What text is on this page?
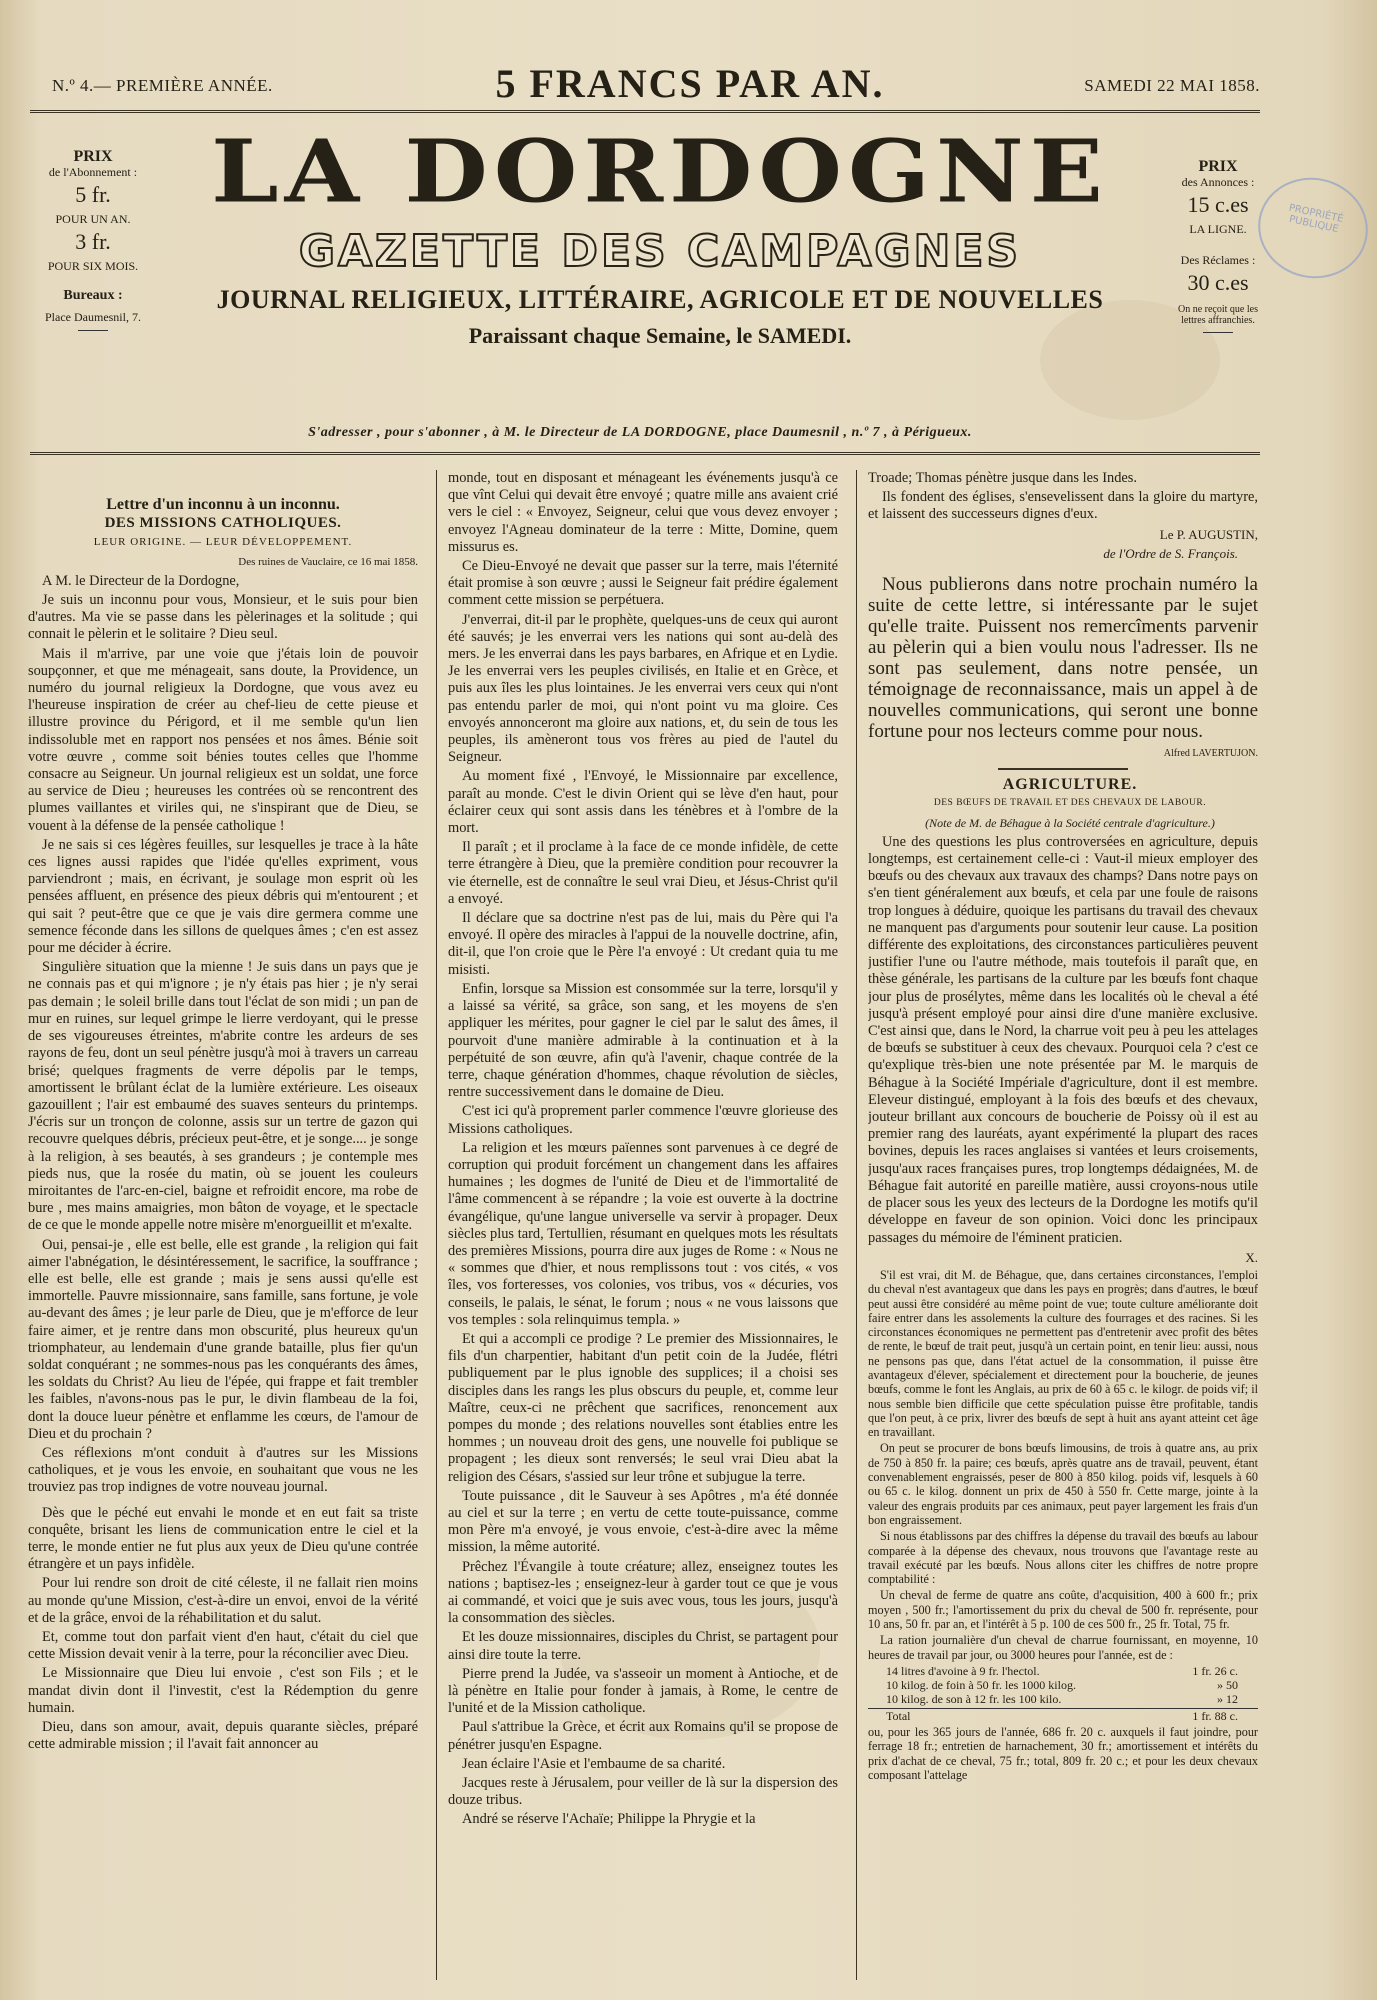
N.º 4.— PREMIÈRE ANNÉE.	5 FRANCS PAR AN.	SAMEDI 22 MAI 1858.
PRIX
de l'Abonnement :
5 fr.
POUR UN AN.
3 fr.
POUR SIX MOIS.
Bureaux :
Place Daumesnil, 7.
LA DORDOGNE
GAZETTE DES CAMPAGNES
JOURNAL RELIGIEUX, LITTÉRAIRE, AGRICOLE ET DE NOUVELLES
Paraissant chaque Semaine, le SAMEDI.
PRIX
des Annonces :
15 c.es
LA LIGNE.
Des Réclames :
30 c.es
On ne reçoit que les lettres affranchies.
PROPRIÉTÉ PUBLIQUE
S'adresser , pour s'abonner , à M. le Directeur de LA DORDOGNE, place Daumesnil , n.º 7 , à Périgueux.

Lettre d'un inconnu à un inconnu.

DES MISSIONS CATHOLIQUES.

LEUR ORIGINE. — LEUR DÉVELOPPEMENT.

Des ruines de Vauclaire, ce 16 mai 1858.

A M. le Directeur de la Dordogne,

Je suis un inconnu pour vous, Monsieur, et le suis pour bien d'autres. Ma vie se passe dans les pèlerinages et la solitude ; qui connait le pèlerin et le solitaire ? Dieu seul.

Mais il m'arrive, par une voie que j'étais loin de pouvoir soupçonner, et que me ménageait, sans doute, la Providence, un numéro du journal religieux la Dordogne, que vous avez eu l'heureuse inspiration de créer au chef-lieu de cette pieuse et illustre province du Périgord, et il me semble qu'un lien indissoluble met en rapport nos pensées et nos âmes. Bénie soit votre œuvre , comme soit bénies toutes celles que l'homme consacre au Seigneur. Un journal religieux est un soldat, une force au service de Dieu ; heureuses les contrées où se rencontrent des plumes vaillantes et viriles qui, ne s'inspirant que de Dieu, se vouent à la défense de la pensée catholique !

Je ne sais si ces légères feuilles, sur lesquelles je trace à la hâte ces lignes aussi rapides que l'idée qu'elles expriment, vous parviendront ; mais, en écrivant, je soulage mon esprit où les pensées affluent, en présence des pieux débris qui m'entourent ; et qui sait ? peut-être que ce que je vais dire germera comme une semence féconde dans les sillons de quelques âmes ; c'en est assez pour me décider à écrire.

Singulière situation que la mienne ! Je suis dans un pays que je ne connais pas et qui m'ignore ; je n'y étais pas hier ; je n'y serai pas demain ; le soleil brille dans tout l'éclat de son midi ; un pan de mur en ruines, sur lequel grimpe le lierre verdoyant, qui le presse de ses vigoureuses étreintes, m'abrite contre les ardeurs de ses rayons de feu, dont un seul pénètre jusqu'à moi à travers un carreau brisé; quelques fragments de verre dépolis par le temps, amortissent le brûlant éclat de la lumière extérieure. Les oiseaux gazouillent ; l'air est embaumé des suaves senteurs du printemps. J'écris sur un tronçon de colonne, assis sur un tertre de gazon qui recouvre quelques débris, précieux peut-être, et je songe.... je songe à la religion, à ses beautés, à ses grandeurs ; je contemple mes pieds nus, que la rosée du matin, où se jouent les couleurs miroitantes de l'arc-en-ciel, baigne et refroidit encore, ma robe de bure , mes mains amaigries, mon bâton de voyage, et le spectacle de ce que le monde appelle notre misère m'enorgueillit et m'exalte.

Oui, pensai-je , elle est belle, elle est grande , la religion qui fait aimer l'abnégation, le désintéressement, le sacrifice, la souffrance ; elle est belle, elle est grande ; mais je sens aussi qu'elle est immortelle. Pauvre missionnaire, sans famille, sans fortune, je vole au-devant des âmes ; je leur parle de Dieu, que je m'efforce de leur faire aimer, et je rentre dans mon obscurité, plus heureux qu'un triomphateur, au lendemain d'une grande bataille, plus fier qu'un soldat conquérant ; ne sommes-nous pas les conquérants des âmes, les soldats du Christ? Au lieu de l'épée, qui frappe et fait trembler les faibles, n'avons-nous pas le pur, le divin flambeau de la foi, dont la douce lueur pénètre et enflamme les cœurs, de l'amour de Dieu et du prochain ?

Ces réflexions m'ont conduit à d'autres sur les Missions catholiques, et je vous les envoie, en souhaitant que vous ne les trouviez pas trop indignes de votre nouveau journal.

Dès que le péché eut envahi le monde et en eut fait sa triste conquête, brisant les liens de communication entre le ciel et la terre, le monde entier ne fut plus aux yeux de Dieu qu'une contrée étrangère et un pays infidèle.

Pour lui rendre son droit de cité céleste, il ne fallait rien moins au monde qu'une Mission, c'est-à-dire un envoi, envoi de la vérité et de la grâce, envoi de la réhabilitation et du salut.

Et, comme tout don parfait vient d'en haut, c'était du ciel que cette Mission devait venir à la terre, pour la réconcilier avec Dieu.

Le Missionnaire que Dieu lui envoie , c'est son Fils ; et le mandat divin dont il l'investit, c'est la Rédemption du genre humain.

Dieu, dans son amour, avait, depuis quarante siècles, préparé cette admirable mission ; il l'avait fait annoncer au

monde, tout en disposant et ménageant les événements jusqu'à ce que vînt Celui qui devait être envoyé ; quatre mille ans avaient crié vers le ciel : « Envoyez, Seigneur, celui que vous devez envoyer ; envoyez l'Agneau dominateur de la terre : Mitte, Domine, quem missurus es.

Ce Dieu-Envoyé ne devait que passer sur la terre, mais l'éternité était promise à son œuvre ; aussi le Seigneur fait prédire également comment cette mission se perpétuera.

J'enverrai, dit-il par le prophète, quelques-uns de ceux qui auront été sauvés; je les enverrai vers les nations qui sont au-delà des mers. Je les enverrai dans les pays barbares, en Afrique et en Lydie. Je les enverrai vers les peuples civilisés, en Italie et en Grèce, et puis aux îles les plus lointaines. Je les enverrai vers ceux qui n'ont pas entendu parler de moi, qui n'ont point vu ma gloire. Ces envoyés annonceront ma gloire aux nations, et, du sein de tous les peuples, ils amèneront tous vos frères au pied de l'autel du Seigneur.

Au moment fixé , l'Envoyé, le Missionnaire par excellence, paraît au monde. C'est le divin Orient qui se lève d'en haut, pour éclairer ceux qui sont assis dans les ténèbres et à l'ombre de la mort.

Il paraît ; et il proclame à la face de ce monde infidèle, de cette terre étrangère à Dieu, que la première condition pour recouvrer la vie éternelle, est de connaître le seul vrai Dieu, et Jésus-Christ qu'il a envoyé.

Il déclare que sa doctrine n'est pas de lui, mais du Père qui l'a envoyé. Il opère des miracles à l'appui de la nouvelle doctrine, afin, dit-il, que l'on croie que le Père l'a envoyé : Ut credant quia tu me misisti.

Enfin, lorsque sa Mission est consommée sur la terre, lorsqu'il y a laissé sa vérité, sa grâce, son sang, et les moyens de s'en appliquer les mérites, pour gagner le ciel par le salut des âmes, il pourvoit d'une manière admirable à la continuation et à la perpétuité de son œuvre, afin qu'à l'avenir, chaque contrée de la terre, chaque génération d'hommes, chaque révolution de siècles, rentre successivement dans le domaine de Dieu.

C'est ici qu'à proprement parler commence l'œuvre glorieuse des Missions catholiques.

La religion et les mœurs païennes sont parvenues à ce degré de corruption qui produit forcément un changement dans les affaires humaines ; les dogmes de l'unité de Dieu et de l'immortalité de l'âme commencent à se répandre ; la voie est ouverte à la doctrine évangélique, qu'une langue universelle va servir à propager. Deux siècles plus tard, Tertullien, résumant en quelques mots les résultats des premières Missions, pourra dire aux juges de Rome : « Nous ne « sommes que d'hier, et nous remplissons tout : vos cités, « vos îles, vos forteresses, vos colonies, vos tribus, vos « décuries, vos conseils, le palais, le sénat, le forum ; nous « ne vous laissons que vos temples : sola relinquimus templa. »

Et qui a accompli ce prodige ? Le premier des Missionnaires, le fils d'un charpentier, habitant d'un petit coin de la Judée, flétri publiquement par le plus ignoble des supplices; il a choisi ses disciples dans les rangs les plus obscurs du peuple, et, comme leur Maître, ceux-ci ne prêchent que sacrifices, renoncement aux pompes du monde ; des relations nouvelles sont établies entre les hommes ; un nouveau droit des gens, une nouvelle foi publique se propagent ; les dieux sont renversés; le seul vrai Dieu abat la religion des Césars, s'assied sur leur trône et subjugue la terre.

Toute puissance , dit le Sauveur à ses Apôtres , m'a été donnée au ciel et sur la terre ; en vertu de cette toute-puissance, comme mon Père m'a envoyé, je vous envoie, c'est-à-dire avec la même mission, la même autorité.

Prêchez l'Évangile à toute créature; allez, enseignez toutes les nations ; baptisez-les ; enseignez-leur à garder tout ce que je vous ai commandé, et voici que je suis avec vous, tous les jours, jusqu'à la consommation des siècles.

Et les douze missionnaires, disciples du Christ, se partagent pour ainsi dire toute la terre.

Pierre prend la Judée, va s'asseoir un moment à Antioche, et de là pénètre en Italie pour fonder à jamais, à Rome, le centre de l'unité et de la Mission catholique.

Paul s'attribue la Grèce, et écrit aux Romains qu'il se propose de pénétrer jusqu'en Espagne.

Jean éclaire l'Asie et l'embaume de sa charité.

Jacques reste à Jérusalem, pour veiller de là sur la dispersion des douze tribus.

André se réserve l'Achaïe; Philippe la Phrygie et la

Troade; Thomas pénètre jusque dans les Indes.

Ils fondent des églises, s'ensevelissent dans la gloire du martyre, et laissent des successeurs dignes d'eux.

Le P. AUGUSTIN,

de l'Ordre de S. François.

Nous publierons dans notre prochain numéro la suite de cette lettre, si intéressante par le sujet qu'elle traite. Puissent nos remercîments parvenir au pèlerin qui a bien voulu nous l'adresser. Ils ne sont pas seulement, dans notre pensée, un témoignage de reconnaissance, mais un appel à de nouvelles communications, qui seront une bonne fortune pour nos lecteurs comme pour nous.

Alfred LAVERTUJON.

AGRICULTURE.

DES BŒUFS DE TRAVAIL ET DES CHEVAUX DE LABOUR.

(Note de M. de Béhague à la Société centrale d'agriculture.)

Une des questions les plus controversées en agriculture, depuis longtemps, est certainement celle-ci : Vaut-il mieux employer des bœufs ou des chevaux aux travaux des champs? Dans notre pays on s'en tient généralement aux bœufs, et cela par une foule de raisons trop longues à déduire, quoique les partisans du travail des chevaux ne manquent pas d'arguments pour soutenir leur cause. La position différente des exploitations, des circonstances particulières peuvent justifier l'une ou l'autre méthode, mais toutefois il paraît que, en thèse générale, les partisans de la culture par les bœufs font chaque jour plus de prosélytes, même dans les localités où le cheval a été jusqu'à présent employé pour ainsi dire d'une manière exclusive. C'est ainsi que, dans le Nord, la charrue voit peu à peu les attelages de bœufs se substituer à ceux des chevaux. Pourquoi cela ? c'est ce qu'explique très-bien une note présentée par M. le marquis de Béhague à la Société Impériale d'agriculture, dont il est membre. Eleveur distingué, employant à la fois des bœufs et des chevaux, jouteur brillant aux concours de boucherie de Poissy où il est au premier rang des lauréats, ayant expérimenté la plupart des races bovines, depuis les races anglaises si vantées et leurs croisements, jusqu'aux races françaises pures, trop longtemps dédaignées, M. de Béhague fait autorité en pareille matière, aussi croyons-nous utile de placer sous les yeux des lecteurs de la Dordogne les motifs qu'il développe en faveur de son opinion. Voici donc les principaux passages du mémoire de l'éminent praticien.

X.

S'il est vrai, dit M. de Béhague, que, dans certaines circonstances, l'emploi du cheval n'est avantageux que dans les pays en progrès; dans d'autres, le bœuf peut aussi être considéré au même point de vue; toute culture améliorante doit faire entrer dans les assolements la culture des fourrages et des racines. Si les circonstances économiques ne permettent pas d'entretenir avec profit des bêtes de rente, le bœuf de trait peut, jusqu'à un certain point, en tenir lieu: aussi, nous ne pensons pas que, dans l'état actuel de la consommation, il puisse être avantageux d'élever, spécialement et directement pour la boucherie, de jeunes bœufs, comme le font les Anglais, au prix de 60 à 65 c. le kilogr. de poids vif; il nous semble bien difficile que cette spéculation puisse être profitable, tandis que l'on peut, à ce prix, livrer des bœufs de sept à huit ans ayant atteint cet âge en travaillant.

On peut se procurer de bons bœufs limousins, de trois à quatre ans, au prix de 750 à 850 fr. la paire; ces bœufs, après quatre ans de travail, peuvent, étant convenablement engraissés, peser de 800 à 850 kilog. poids vif, lesquels à 60 ou 65 c. le kilog. donnent un prix de 450 à 550 fr. Cette marge, jointe à la valeur des engrais produits par ces animaux, peut payer largement les frais d'un bon engraissement.

Si nous établissons par des chiffres la dépense du travail des bœufs au labour comparée à la dépense des chevaux, nous trouvons que l'avantage reste au travail exécuté par les bœufs. Nous allons citer les chiffres de notre propre comptabilité :

Un cheval de ferme de quatre ans coûte, d'acquisition, 400 à 600 fr.; prix moyen , 500 fr.; l'amortissement du prix du cheval de 500 fr. représente, pour 10 ans, 50 fr. par an, et l'intérêt à 5 p. 100 de ces 500 fr., 25 fr. Total, 75 fr.

La ration journalière d'un cheval de charrue fournissant, en moyenne, 10 heures de travail par jour, ou 3000 heures pour l'année, est de :

14 litres d'avoine à 9 fr. l'hectol.	1 fr. 26 c.
10 kilog. de foin à 50 fr. les 1000 kilog.	» 50
10 kilog. de son à 12 fr. les 100 kilo.	» 12
Total	1 fr. 88 c.

ou, pour les 365 jours de l'année, 686 fr. 20 c. auxquels il faut joindre, pour ferrage 18 fr.; entretien de harnachement, 30 fr.; amortissement et intérêts du prix d'achat de ce cheval, 75 fr.; total, 809 fr. 20 c.; et pour les deux chevaux composant l'attelage
